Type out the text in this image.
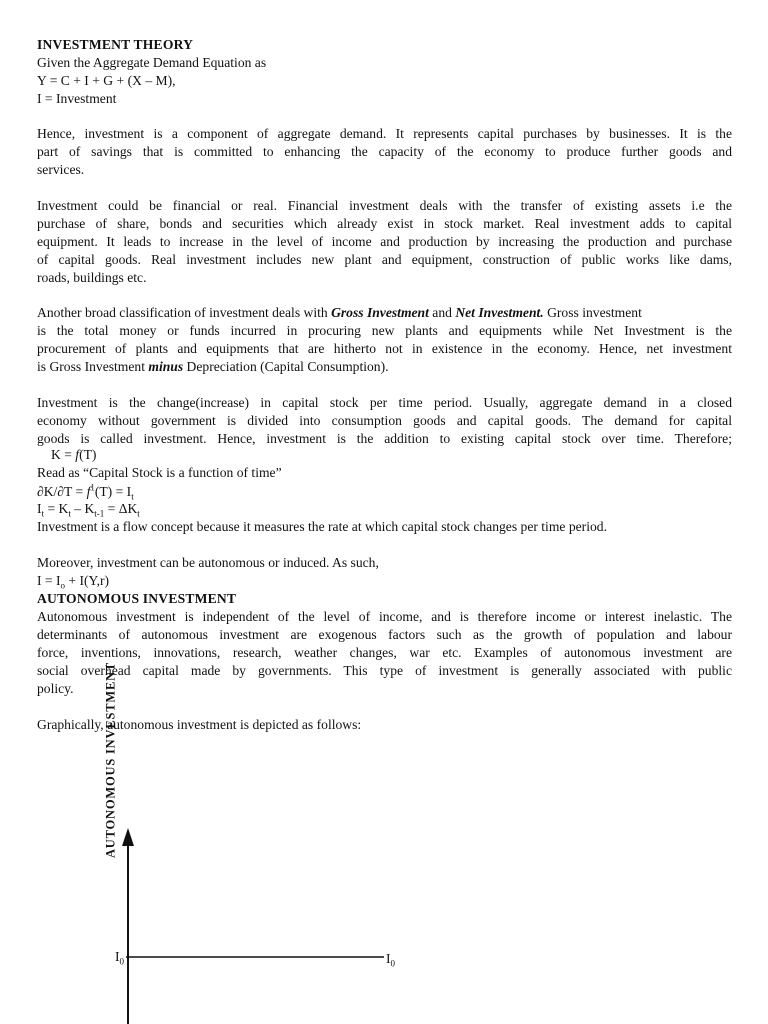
INVESTMENT THEORY
Given the Aggregate Demand Equation as
Y = C + I + G + (X – M),
I = Investment
Hence, investment is a component of aggregate demand. It represents capital purchases by businesses. It is the
part of savings that is committed to enhancing the capacity of the economy to produce further goods and
services.
Investment could be financial or real. Financial investment deals with the transfer of existing assets i.e the
purchase of share, bonds and securities which already exist in stock market. Real investment adds to capital
equipment. It leads to increase in the level of income and production by increasing the production and purchase
of capital goods. Real investment includes new plant and equipment, construction of public works like dams,
roads, buildings etc.
Another broad classification of investment deals with Gross Investment and Net Investment. Gross investment
is the total money or funds incurred in procuring new plants and equipments while Net Investment is the
procurement of plants and equipments that are hitherto not in existence in the economy. Hence, net investment
is Gross Investment minus Depreciation (Capital Consumption).
Investment is the change(increase) in capital stock per time period. Usually, aggregate demand in a closed
economy without government is divided into consumption goods and capital goods. The demand for capital
goods is called investment. Hence, investment is the addition to existing capital stock over time. Therefore;
K = f(T)
Read as “Capital Stock is a function of time”
$\partial K/\partial T = f^1(T) = I_t$
$I_t = K_t - K_{t-1} = \Delta K_t$
Investment is a flow concept because it measures the rate at which capital stock changes per time period.
Moreover, investment can be autonomous or induced. As such,
$I = I_o + I(Y,r)$
AUTONOMOUS INVESTMENT
Autonomous investment is independent of the level of income, and is therefore income or interest inelastic. The
determinants of autonomous investment are exogenous factors such as the growth of population and labour
force, inventions, innovations, research, weather changes, war etc. Examples of autonomous investment are
social overhead capital made by governments. This type of investment is generally associated with public
policy.
Graphically, autonomous investment is depicted as follows:
AUTONOMOUS INVESTMENT
$I_0$	$I_0$
